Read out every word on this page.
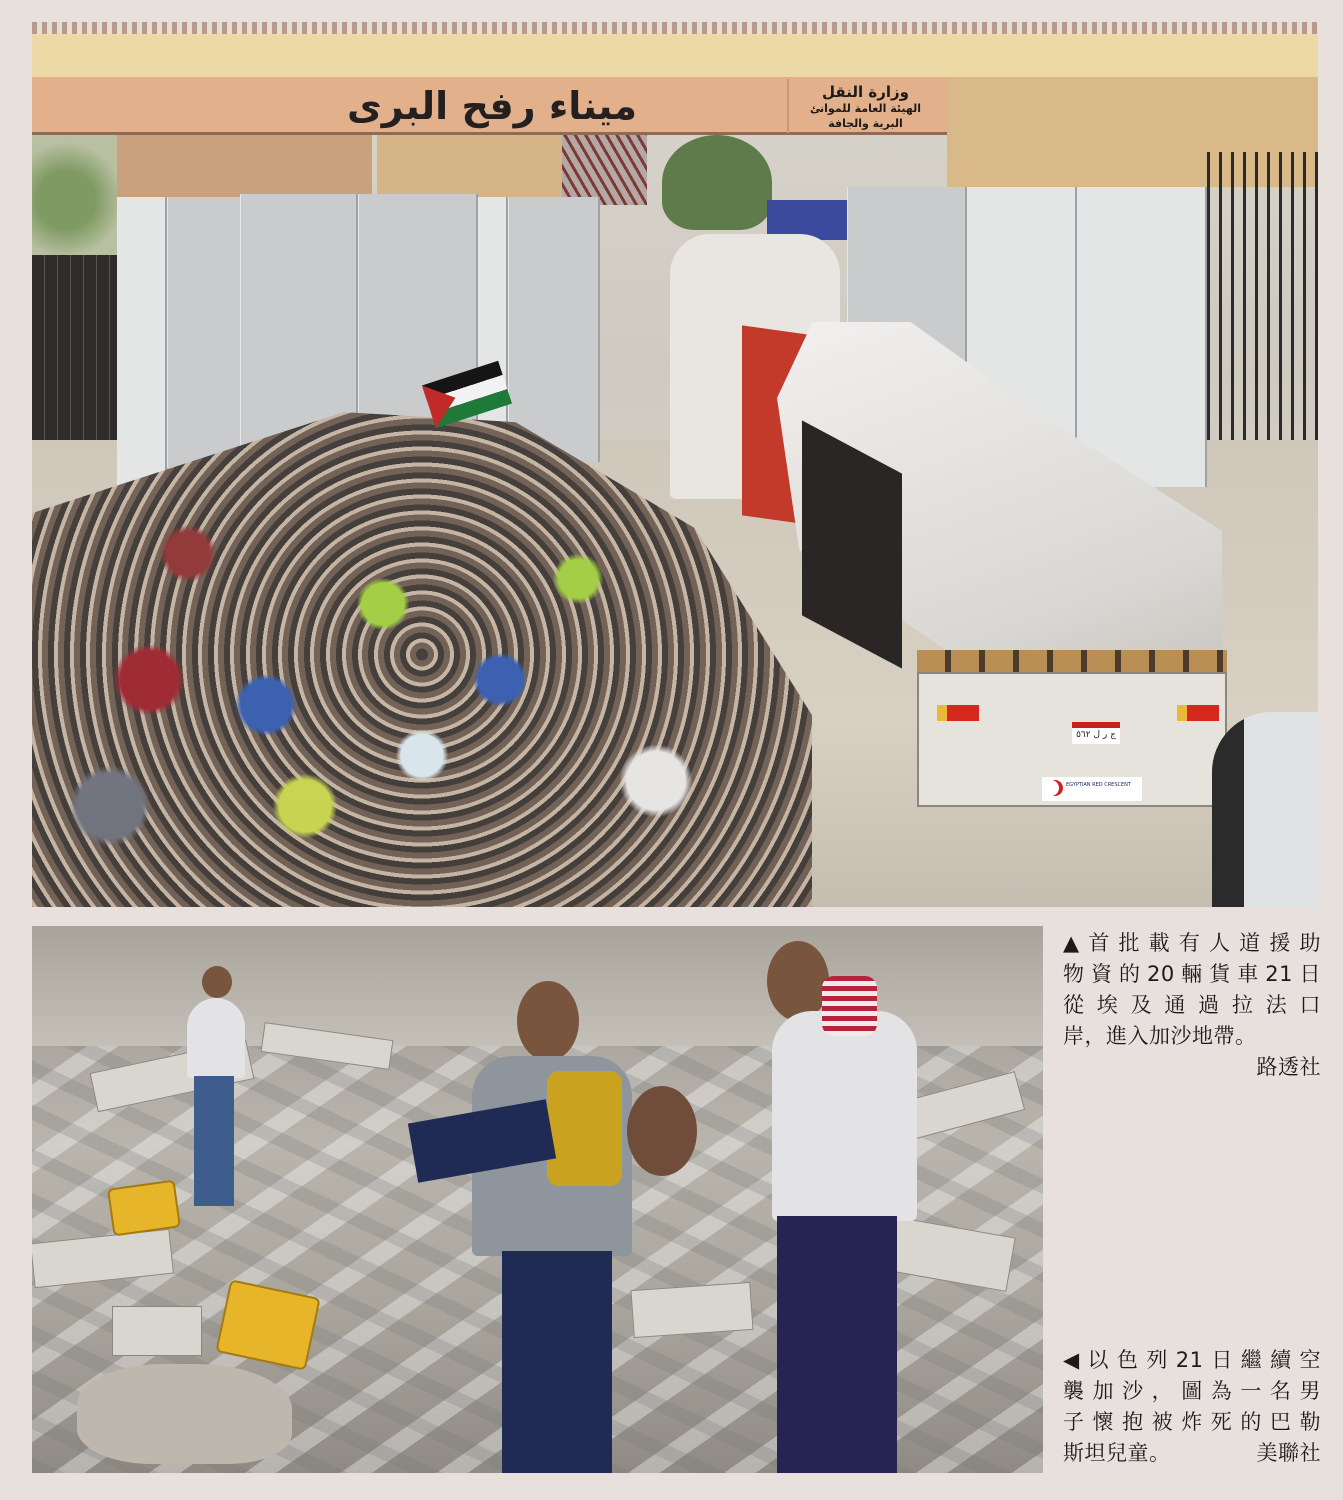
ميناء رفح البرى	وزارة النقل
الهيئة العامة للموانئ
البرية والجافة
ج ر ل ٥٦٢
EGYPTIAN RED CRESCENT
▲首批載有人道援助
物資的20輛貨車21日
從埃及通過拉法口
岸，進入加沙地帶。
路透社
◀以色列21日繼續空
襲加沙，圖為一名男
子懷抱被炸死的巴勒
斯坦兒童。	美聯社
